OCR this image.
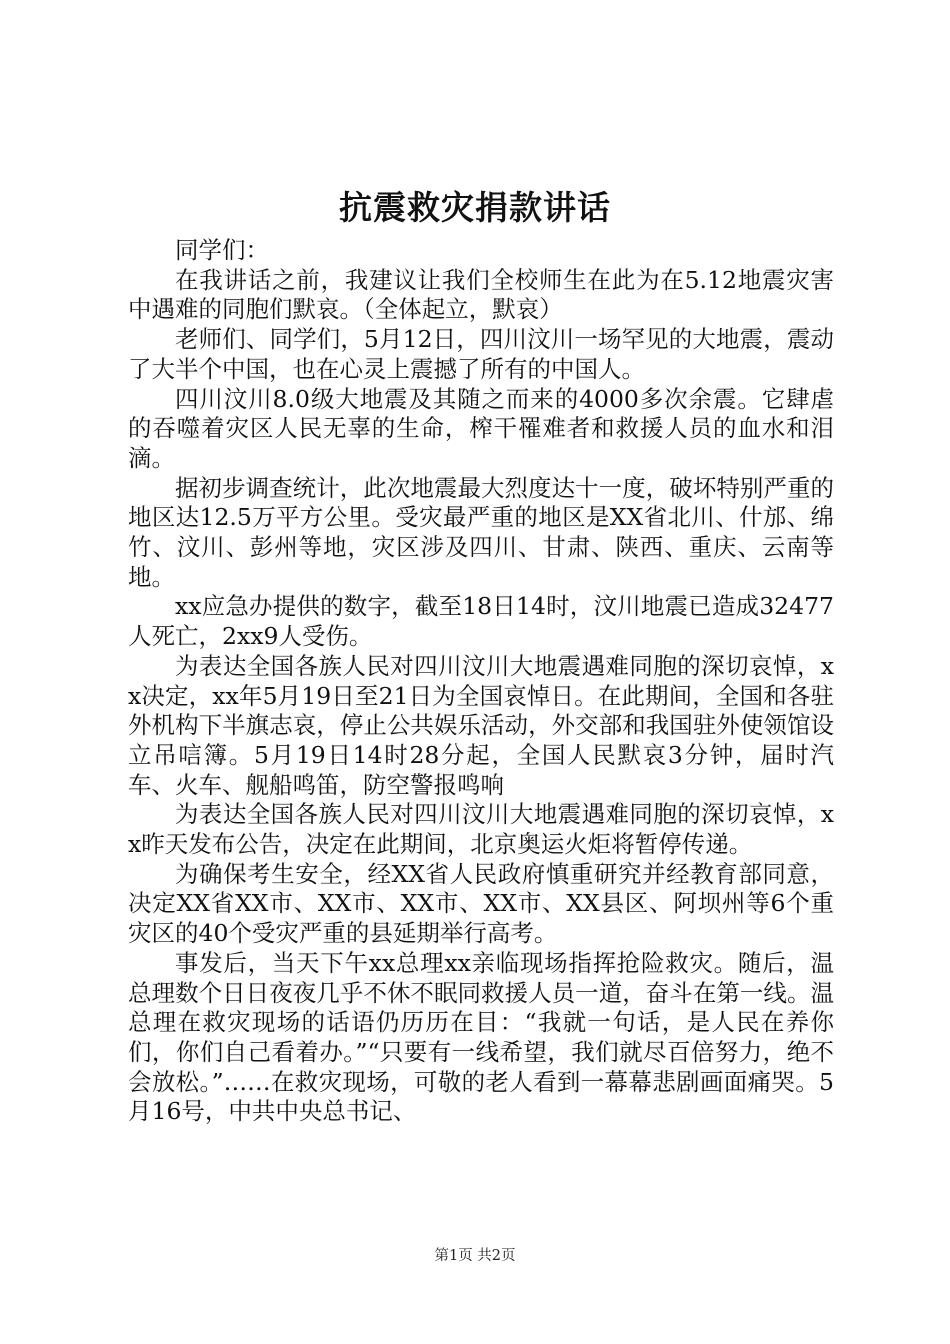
抗震救灾捐款讲话

同学们：

在我讲话之前，我建议让我们全校师生在此为在5.12地震灾害中遇难的同胞们默哀。（全体起立，默哀）

老师们、同学们，5月12日，四川汶川一场罕见的大地震，震动了大半个中国，也在心灵上震撼了所有的中国人。

四川汶川8.0级大地震及其随之而来的4000多次余震。它肆虐的吞噬着灾区人民无辜的生命，榨干罹难者和救援人员的血水和泪滴。

据初步调查统计，此次地震最大烈度达十一度，破坏特别严重的地区达12.5万平方公里。受灾最严重的地区是XX省北川、什邡、绵竹、汶川、彭州等地，灾区涉及四川、甘肃、陕西、重庆、云南等地。

xx应急办提供的数字，截至18日14时，汶川地震已造成32477人死亡，2xx9人受伤。

为表达全国各族人民对四川汶川大地震遇难同胞的深切哀悼，xx决定，xx年5月19日至21日为全国哀悼日。在此期间，全国和各驻外机构下半旗志哀，停止公共娱乐活动，外交部和我国驻外使领馆设立吊唁簿。5月19日14时28分起，全国人民默哀3分钟，届时汽车、火车、舰船鸣笛，防空警报鸣响

为表达全国各族人民对四川汶川大地震遇难同胞的深切哀悼，xx昨天发布公告，决定在此期间，北京奥运火炬将暂停传递。

为确保考生安全，经XX省人民政府慎重研究并经教育部同意，决定XX省XX市、XX市、XX市、XX市、XX县区、阿坝州等6个重灾区的40个受灾严重的县延期举行高考。

事发后，当天下午xx总理xx亲临现场指挥抢险救灾。随后，温总理数个日日夜夜几乎不休不眠同救援人员一道，奋斗在第一线。温总理在救灾现场的话语仍历历在目：“我就一句话，是人民在养你们，你们自己看着办。”“只要有一线希望，我们就尽百倍努力，绝不会放松。”……在救灾现场，可敬的老人看到一幕幕悲剧画面痛哭。5月16号，中共中央总书记、

第1页 共2页
